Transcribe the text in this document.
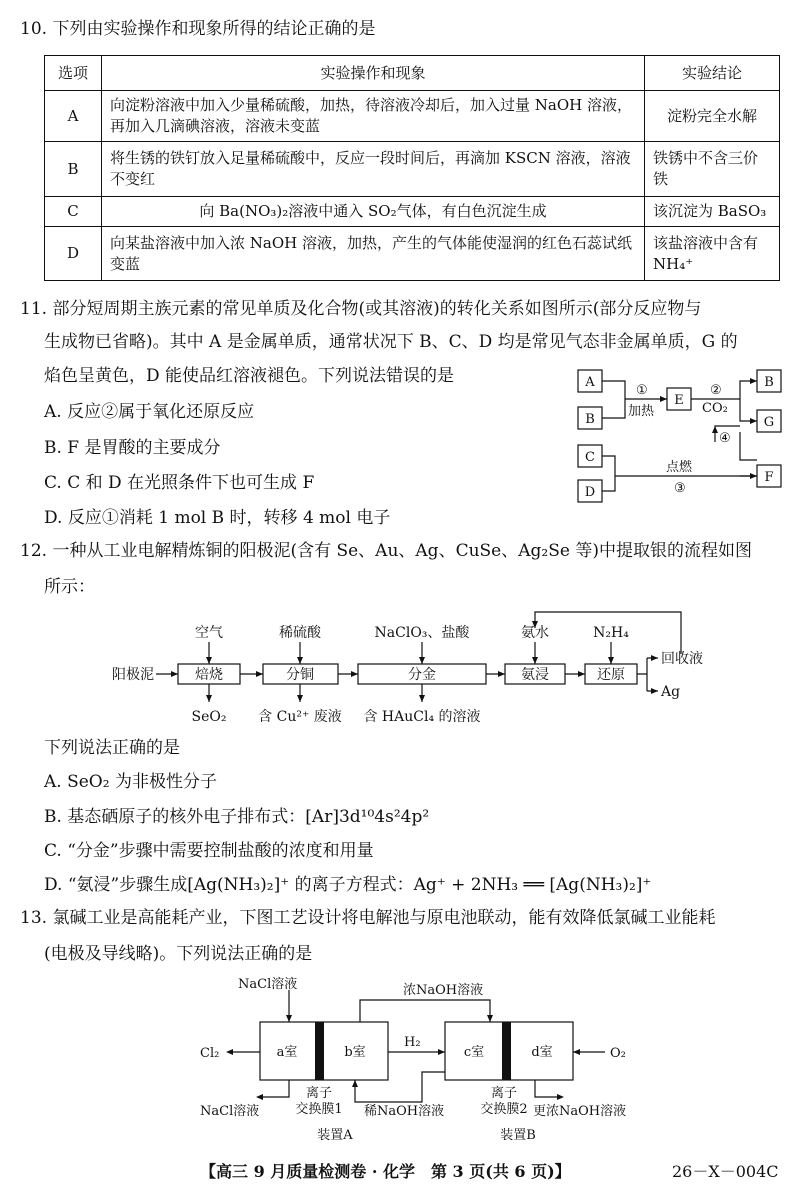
10. 下列由实验操作和现象所得的结论正确的是
选项	实验操作和现象	实验结论
A	向淀粉溶液中加入少量稀硫酸，加热，待溶液冷却后，加入过量 NaOH 溶液，再加入几滴碘溶液，溶液未变蓝	淀粉完全水解
B	将生锈的铁钉放入足量稀硫酸中，反应一段时间后，再滴加 KSCN 溶液，溶液不变红	铁锈中不含三价铁
C	向 Ba(NO₃)₂溶液中通入 SO₂气体，有白色沉淀生成	该沉淀为 BaSO₃
D	向某盐溶液中加入浓 NaOH 溶液，加热，产生的气体能使湿润的红色石蕊试纸变蓝	该盐溶液中含有 NH₄⁺
11. 部分短周期主族元素的常见单质及化合物(或其溶液)的转化关系如图所示(部分反应物与
生成物已省略)。其中 A 是金属单质，通常状况下 B、C、D 均是常见气态非金属单质，G 的
焰色呈黄色，D 能使品红溶液褪色。下列说法错误的是
A. 反应②属于氧化还原反应
B. F 是胃酸的主要成分
C. C 和 D 在光照条件下也可生成 F
D. 反应①消耗 1 mol B 时，转移 4 mol 电子
①
加热
②
CO₂
④
点燃
③
A
B
E
B
G
C
D
F
12. 一种从工业电解精炼铜的阳极泥(含有 Se、Au、Ag、CuSe、Ag₂Se 等)中提取银的流程如图
所示：
阳极泥
回收液
Ag
焙烧	分铜	分金	氨浸	还原
空气	稀硫酸	NaClO₃、盐酸	氨水	N₂H₄
SeO₂ 含 Cu²⁺ 废液 含 HAuCl₄ 的溶液
下列说法正确的是
A. SeO₂ 为非极性分子
B. 基态硒原子的核外电子排布式：[Ar]3d¹⁰4s²4p²
C. “分金”步骤中需要控制盐酸的浓度和用量
D. “氨浸”步骤生成[Ag(NH₃)₂]⁺ 的离子方程式：Ag⁺ + 2NH₃ ══ [Ag(NH₃)₂]⁺
13. 氯碱工业是高能耗产业，下图工艺设计将电解池与原电池联动，能有效降低氯碱工业能耗
(电极及导线略)。下列说法正确的是
NaCl溶液	浓NaOH溶液
Cl₂	O₂
H₂
NaCl溶液	稀NaOH溶液	更浓NaOH溶液
a室	b室	c室	d室
离子
交换膜1
离子
交换膜2
装置A	装置B
【高三 9 月质量检测卷 · 化学　第 3 页(共 6 页)】	26－X－004C
